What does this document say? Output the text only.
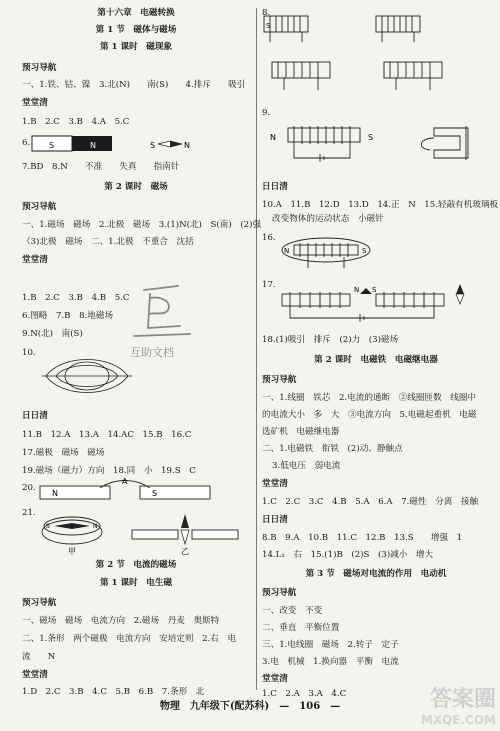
第十六章　电磁转换
第 1 节　磁体与磁场
第 1 课时　磁现象
预习导航
一、1.铁、钴、镍　3.北(N)　　南(S)　　4.排斥　　吸引
堂堂清
1.B　2.C　3.B　4.A　5.C
6. S	N	S	N
7.BD　8.N　　不准　　失真　　指南针
第 2 课时　磁场
预习导航
一、1.磁场　磁场　2.北极　磁场　3.(1)N(北)　S(南)　(2)强
（3)北极　磁场　二、1.北极　不重合　沈括
堂堂清
1.B　2.C　3.B　4.B　5.C
6.图略　7.B　8.地磁场
9.N(北)　南(S)
互助文档
10.
日日清
11.B　12.A　13.A　14.AC　15.B　16.C
17.磁极　磁场　磁场
19.磁场（磁力）方向　18.同　小　19.S　C
20.
N	S
A
21.
S	N
甲	乙
第 2 节　电流的磁场
第 1 课时　电生磁
预习导航
一、磁场　磁场　电流方向　2.磁场　丹麦　奥斯特
二、1.条形　两个磁极　电流方向　安培定则　2.右　电
流　　N
堂堂清
1.D　2.C　3.B　4.C　5.B　6.B　7.条形　北
8.
S
9.
N	S
日日清
10.A　11.B　12.D　13.D　14.正　N　15.轻敲有机玻璃板
改变物体的运动状态　小磁针
16.
N	S
17.	N S
18.(1)吸引　排斥　(2)力　(3)磁场
第 2 课时　电磁铁　电磁继电器
预习导航
一、1.线圈　铁芯　2.电流的通断　②线圈匝数　线圈中
的电流大小　多　大　③电流方向　5.电磁起重机　电磁
选矿机　电磁继电器
二、1.电磁铁　衔铁　(2)动、静触点
3.低电压　弱电流
堂堂清
1.C　2.C　3.C　4.B　5.A　6.A　7.磁性　分离　接触
日日清
8.B　9.A　10.B　11.C　12.B　13.S　　增强　1
14.L₁　右　15.(1)B　(2)S　(3)减小　增大
第 3 节　磁场对电流的作用　电动机
预习导航
一、改变　不变
二、垂直　平衡位置
三、1.电线圈　磁场　2.转子　定子
3.电　机械　1.换向器　平衡　电流
堂堂清
1.C　2.A　3.A　4.C
物理　九年级下(配苏科)　—　106　—	答案圈
MXQE.COM
